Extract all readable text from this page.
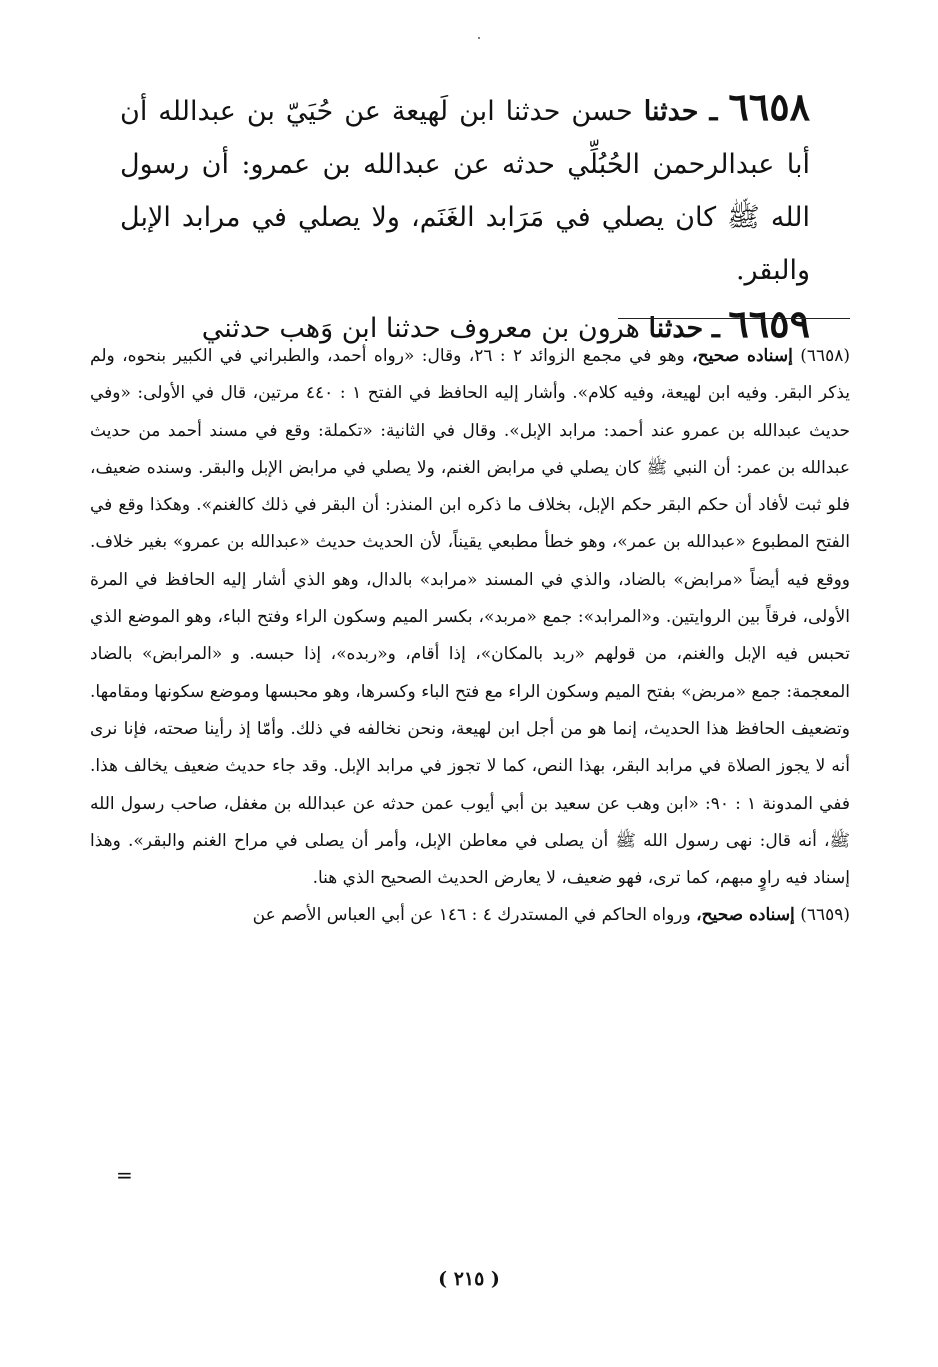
٦٦٥٨ ـ حدثنا حسن حدثنا ابن لَهيعة عن حُيَيّ بن عبدالله أن أبا عبدالرحمن الحُبُلِّي حدثه عن عبدالله بن عمرو: أن رسول الله ﷺ كان يصلي في مَرَابد الغَنَم، ولا يصلي في مرابد الإبل والبقر.

٦٦٥٩ ـ حدثنا هرون بن معروف حدثنا ابن وَهب حدثني

(٦٦٥٨) إسناده صحيح، وهو في مجمع الزوائد ٢ : ٢٦، وقال: «رواه أحمد، والطبراني في الكبير بنحوه، ولم يذكر البقر. وفيه ابن لهيعة، وفيه كلام». وأشار إليه الحافظ في الفتح ١ : ٤٤٠ مرتين، قال في الأولى: «وفي حديث عبدالله بن عمرو عند أحمد: مرابد الإبل». وقال في الثانية: «تكملة: وقع في مسند أحمد من حديث عبدالله بن عمر: أن النبي ﷺ كان يصلي في مرابض الغنم، ولا يصلي في مرابض الإبل والبقر. وسنده ضعيف، فلو ثبت لأفاد أن حكم البقر حكم الإبل، بخلاف ما ذكره ابن المنذر: أن البقر في ذلك كالغنم». وهكذا وقع في الفتح المطبوع «عبدالله بن عمر»، وهو خطأ مطبعي يقيناً، لأن الحديث حديث «عبدالله بن عمرو» بغير خلاف. ووقع فيه أيضاً «مرابض» بالضاد، والذي في المسند «مرابد» بالدال، وهو الذي أشار إليه الحافظ في المرة الأولى، فرقاً بين الروايتين. و«المرابد»: جمع «مربد»، بكسر الميم وسكون الراء وفتح الباء، وهو الموضع الذي تحبس فيه الإبل والغنم، من قولهم «ربد بالمكان»، إذا أقام، و«ربده»، إذا حبسه. و «المرابض» بالضاد المعجمة: جمع «مربض» بفتح الميم وسكون الراء مع فتح الباء وكسرها، وهو محبسها وموضع سكونها ومقامها. وتضعيف الحافظ هذا الحديث، إنما هو من أجل ابن لهيعة، ونحن نخالفه في ذلك. وأمّا إذ رأينا صحته، فإنا نرى أنه لا يجوز الصلاة في مرابد البقر، بهذا النص، كما لا تجوز في مرابد الإبل. وقد جاء حديث ضعيف يخالف هذا. ففي المدونة ١ : ٩٠: «ابن وهب عن سعيد بن أبي أيوب عمن حدثه عن عبدالله بن مغفل، صاحب رسول الله ﷺ، أنه قال: نهى رسول الله ﷺ أن يصلى في معاطن الإبل، وأمر أن يصلى في مراح الغنم والبقر». وهذا إسناد فيه راوٍ مبهم، كما ترى، فهو ضعيف، لا يعارض الحديث الصحيح الذي هنا.

(٦٦٥٩) إسناده صحيح، ورواه الحاكم في المستدرك ٤ : ١٤٦ عن أبي العباس الأصم عن

=
( ٢١٥ )
